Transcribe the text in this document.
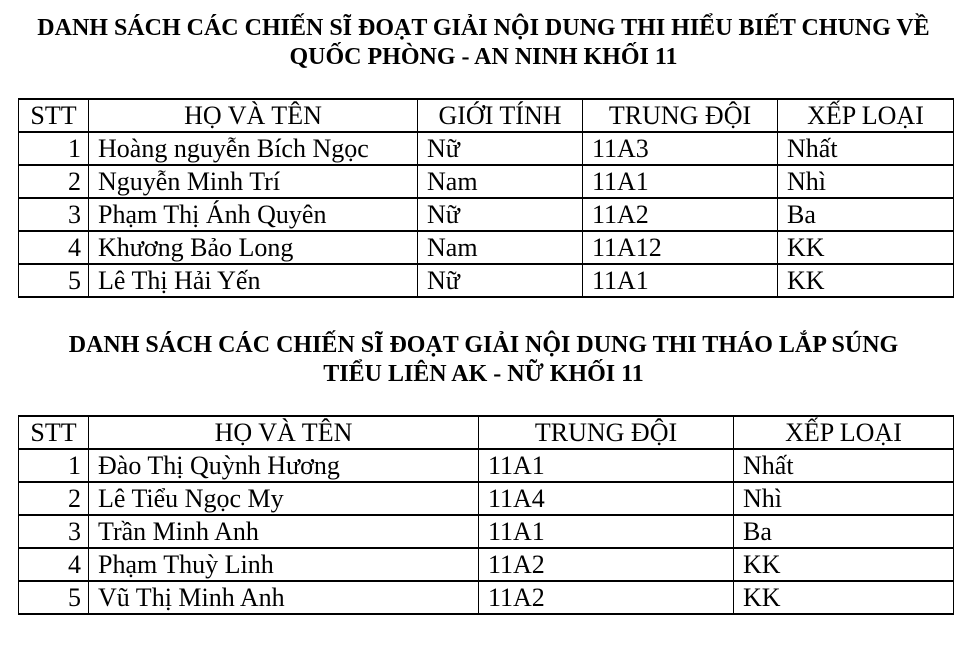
DANH SÁCH CÁC CHIẾN SĨ ĐOẠT GIẢI NỘI DUNG THI HIỂU BIẾT CHUNG VỀ
QUỐC PHÒNG - AN NINH KHỐI 11
STT	HỌ VÀ TÊN	GIỚI TÍNH	TRUNG ĐỘI	XẾP LOẠI
1	Hoàng nguyễn Bích Ngọc	Nữ	11A3	Nhất
2	Nguyễn Minh Trí	Nam	11A1	Nhì
3	Phạm Thị Ánh Quyên	Nữ	11A2	Ba
4	Khương Bảo Long	Nam	11A12	KK
5	Lê Thị Hải Yến	Nữ	11A1	KK
DANH SÁCH CÁC CHIẾN SĨ ĐOẠT GIẢI NỘI DUNG THI THÁO LẮP SÚNG
TIỂU LIÊN AK - NỮ KHỐI 11
STT	HỌ VÀ TÊN	TRUNG ĐỘI	XẾP LOẠI
1	Đào Thị Quỳnh Hương	11A1	Nhất
2	Lê Tiểu Ngọc My	11A4	Nhì
3	Trần Minh Anh	11A1	Ba
4	Phạm Thuỳ Linh	11A2	KK
5	Vũ Thị Minh Anh	11A2	KK
